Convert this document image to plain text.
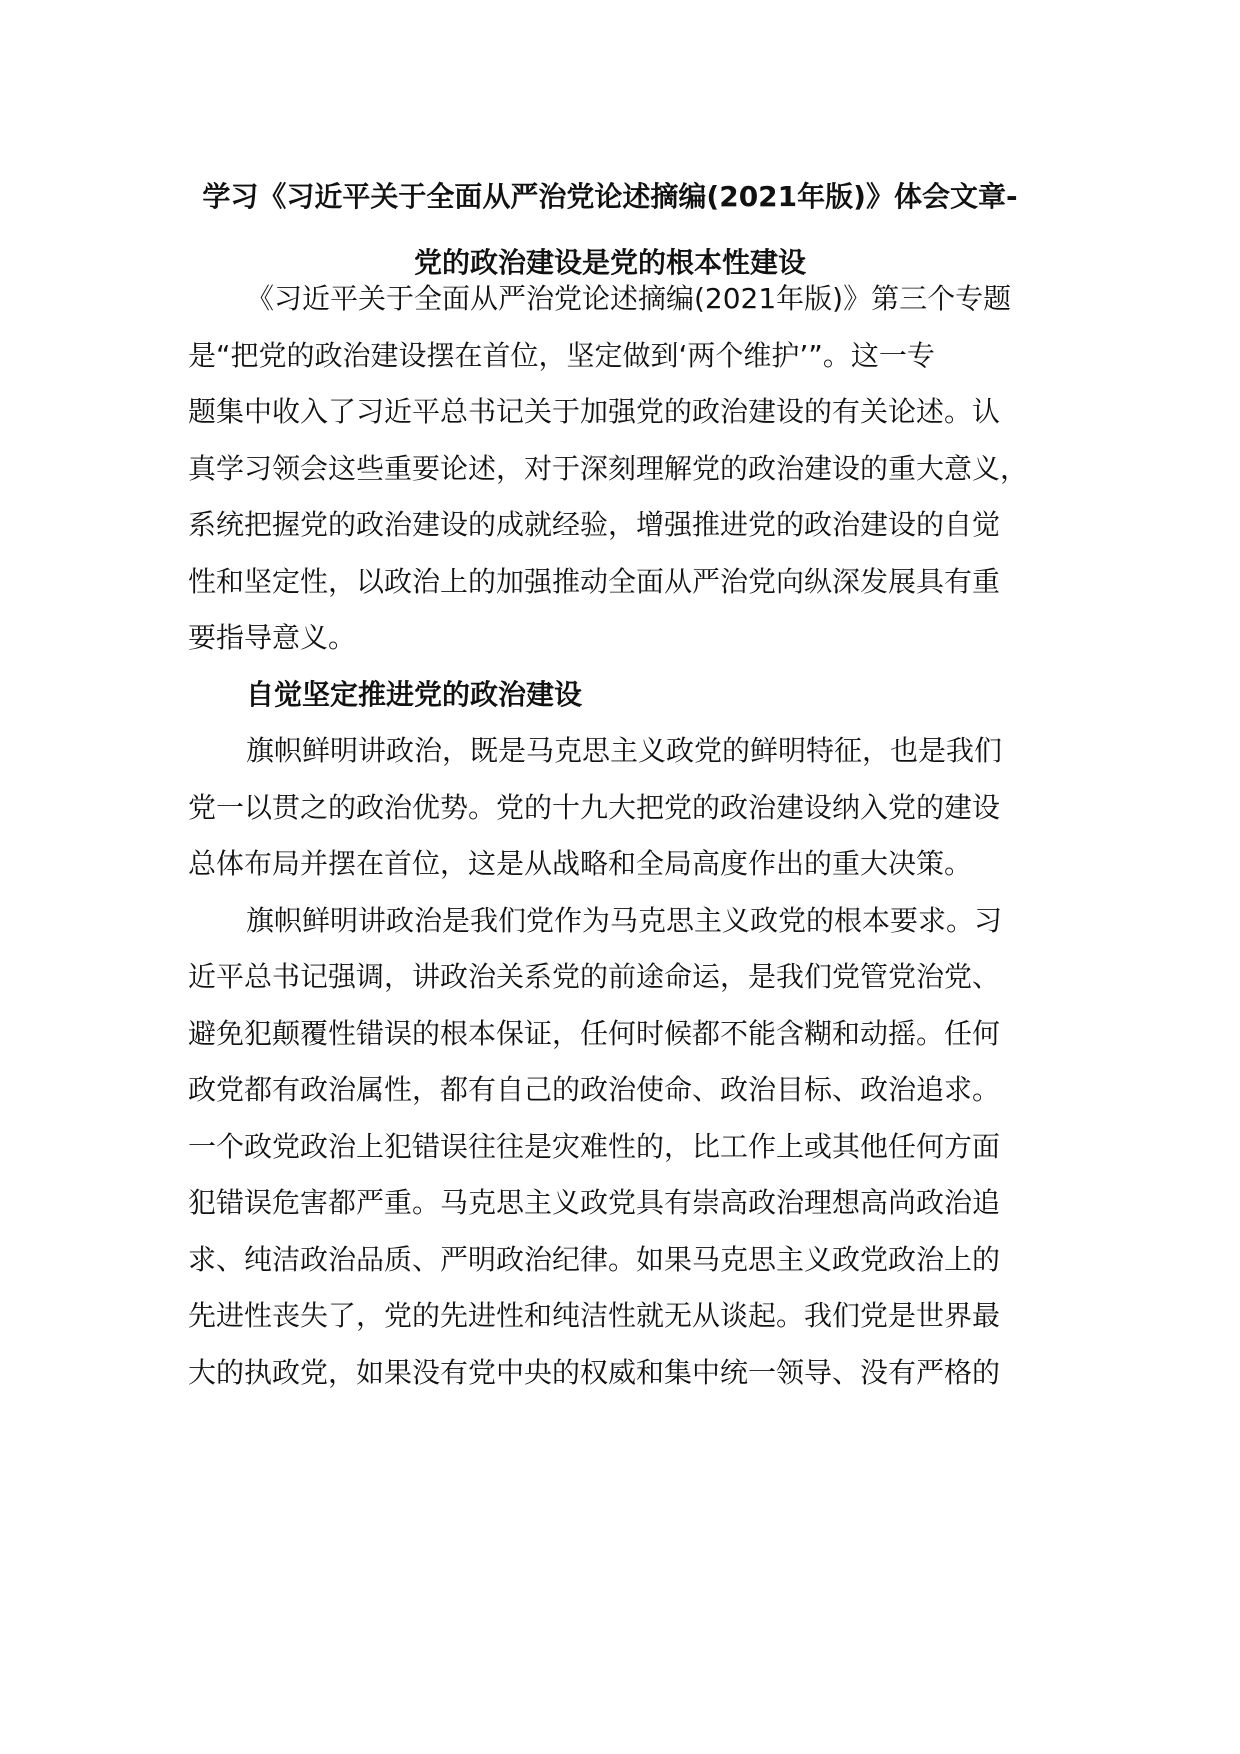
学习《习近平关于全面从严治党论述摘编(2021年版)》体会文章-
党的政治建设是党的根本性建设
《习近平关于全面从严治党论述摘编(2021年版)》第三个专题
是“把党的政治建设摆在首位，坚定做到‘两个维护’”。这一专
题集中收入了习近平总书记关于加强党的政治建设的有关论述。认
真学习领会这些重要论述，对于深刻理解党的政治建设的重大意义，
系统把握党的政治建设的成就经验，增强推进党的政治建设的自觉
性和坚定性，以政治上的加强推动全面从严治党向纵深发展具有重
要指导意义。
自觉坚定推进党的政治建设
旗帜鲜明讲政治，既是马克思主义政党的鲜明特征，也是我们
党一以贯之的政治优势。党的十九大把党的政治建设纳入党的建设
总体布局并摆在首位，这是从战略和全局高度作出的重大决策。
旗帜鲜明讲政治是我们党作为马克思主义政党的根本要求。习
近平总书记强调，讲政治关系党的前途命运，是我们党管党治党、
避免犯颠覆性错误的根本保证，任何时候都不能含糊和动摇。任何
政党都有政治属性，都有自己的政治使命、政治目标、政治追求。
一个政党政治上犯错误往往是灾难性的，比工作上或其他任何方面
犯错误危害都严重。马克思主义政党具有崇高政治理想高尚政治追
求、纯洁政治品质、严明政治纪律。如果马克思主义政党政治上的
先进性丧失了，党的先进性和纯洁性就无从谈起。我们党是世界最
大的执政党，如果没有党中央的权威和集中统一领导、没有严格的
